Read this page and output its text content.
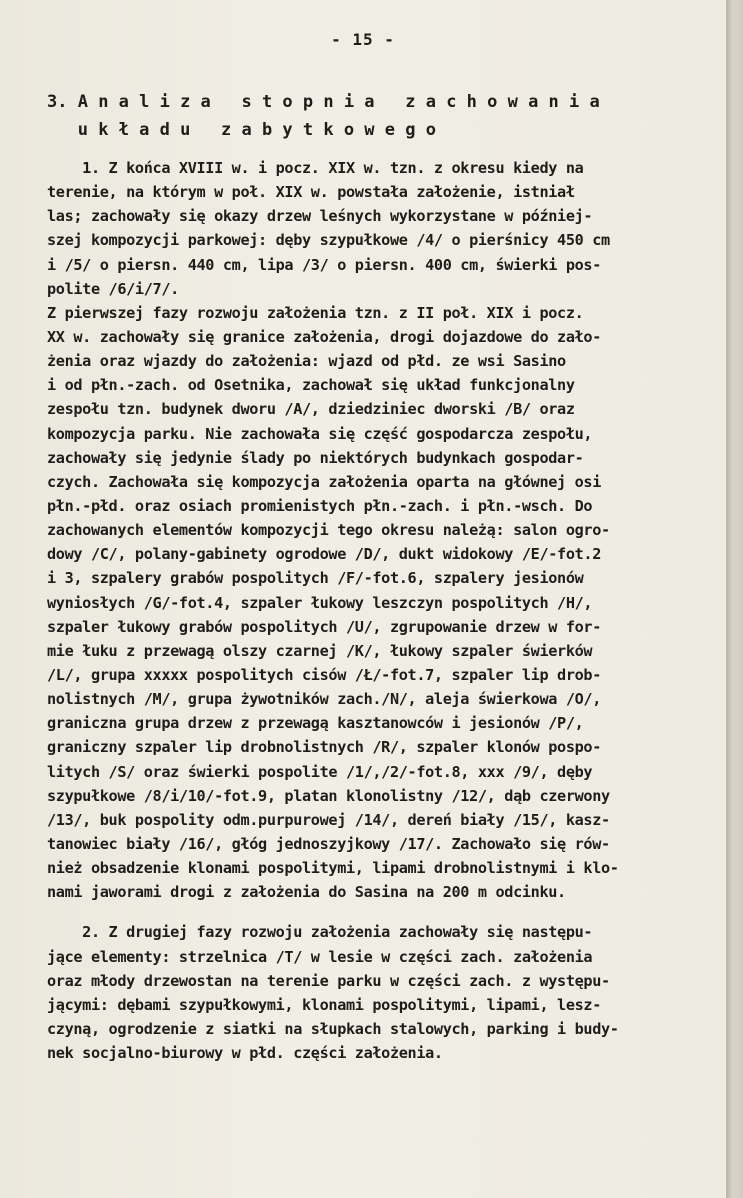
- 15 -
3. A n a l i z a   s t o p n i a   z a c h o w a n i a
u k ł a d u   z a b y t k o w e g o
1. Z końca XVIII w. i pocz. XIX w. tzn. z okresu kiedy na
terenie, na którym w poł. XIX w. powstała założenie, istniał
las; zachowały się okazy drzew leśnych wykorzystane w później-
szej kompozycji parkowej: dęby szypułkowe /4/ o pierśnicy 450 cm
i /5/ o piersn. 440 cm, lipa /3/ o piersn. 400 cm, świerki pos-
polite /6/i/7/.
Z pierwszej fazy rozwoju założenia tzn. z II poł. XIX i pocz.
XX w. zachowały się granice założenia, drogi dojazdowe do zało-
żenia oraz wjazdy do założenia: wjazd od płd. ze wsi Sasino
i od płn.-zach. od Osetnika, zachował się układ funkcjonalny
zespołu tzn. budynek dworu /A/, dziedziniec dworski /B/ oraz
kompozycja parku. Nie zachowała się część gospodarcza zespołu,
zachowały się jedynie ślady po niektórych budynkach gospodar-
czych. Zachowała się kompozycja założenia oparta na głównej osi
płn.-płd. oraz osiach promienistych płn.-zach. i płn.-wsch. Do
zachowanych elementów kompozycji tego okresu należą: salon ogro-
dowy /C/, polany-gabinety ogrodowe /D/, dukt widokowy /E/-fot.2
i 3, szpalery grabów pospolitych /F/-fot.6, szpalery jesionów
wyniosłych /G/-fot.4, szpaler łukowy leszczyn pospolitych /H/,
szpaler łukowy grabów pospolitych /U/, zgrupowanie drzew w for-
mie łuku z przewagą olszy czarnej /K/, łukowy szpaler świerków
/L/, grupa xxxxx pospolitych cisów /Ł/-fot.7, szpaler lip drob-
nolistnych /M/, grupa żywotników zach./N/, aleja świerkowa /O/,
graniczna grupa drzew z przewagą kasztanowców i jesionów /P/,
graniczny szpaler lip drobnolistnych /R/, szpaler klonów pospo-
litych /S/ oraz świerki pospolite /1/,/2/-fot.8, xxx /9/, dęby
szypułkowe /8/i/10/-fot.9, platan klonolistny /12/, dąb czerwony
/13/, buk pospolity odm.purpurowej /14/, dereń biały /15/, kasz-
tanowiec biały /16/, głóg jednoszyjkowy /17/. Zachowało się rów-
nież obsadzenie klonami pospolitymi, lipami drobnolistnymi i klo-
nami jaworami drogi z założenia do Sasina na 200 m odcinku.
2. Z drugiej fazy rozwoju założenia zachowały się następu-
jące elementy: strzelnica /T/ w lesie w części zach. założenia
oraz młody drzewostan na terenie parku w części zach. z występu-
jącymi: dębami szypułkowymi, klonami pospolitymi, lipami, lesz-
czyną, ogrodzenie z siatki na słupkach stalowych, parking i budy-
nek socjalno-biurowy w płd. części założenia.
